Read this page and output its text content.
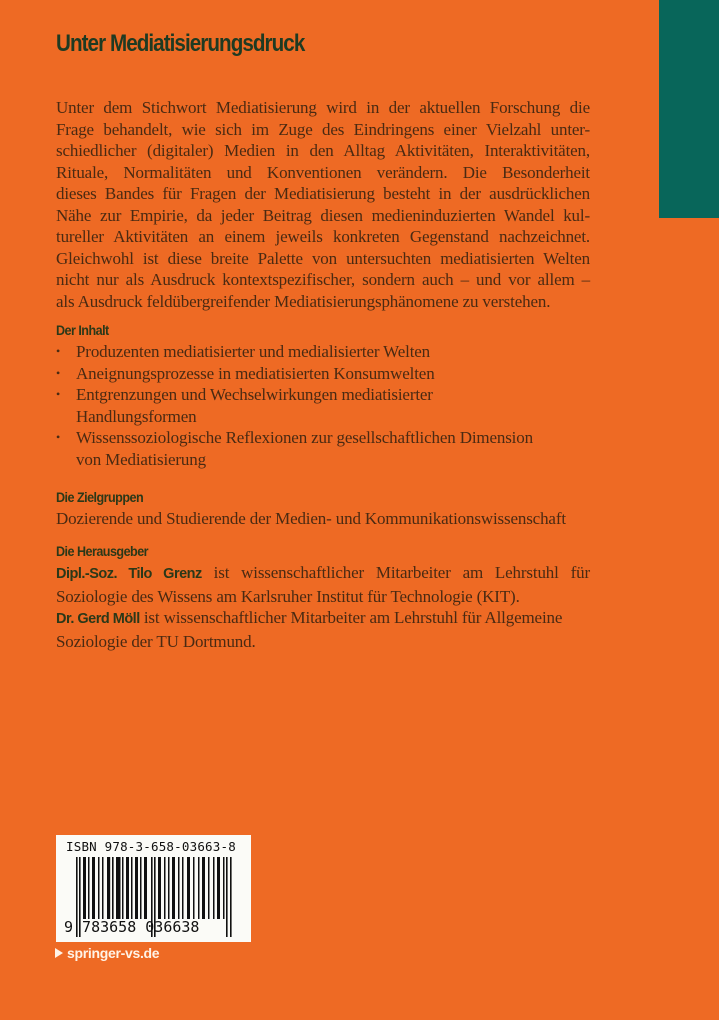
Unter Mediatisierungsdruck
Unter dem Stichwort Mediatisierung wird in der aktuellen Forschung die
Frage behandelt, wie sich im Zuge des Eindringens einer Vielzahl unter-
schiedlicher (digitaler) Medien in den Alltag Aktivitäten, Interaktivitäten,
Rituale, Normalitäten und Konventionen verändern. Die Besonderheit
dieses Bandes für Fragen der Mediatisierung besteht in der ausdrücklichen
Nähe zur Empirie, da jeder Beitrag diesen medieninduzierten Wandel kul-
tureller Aktivitäten an einem jeweils konkreten Gegenstand nachzeichnet.
Gleichwohl ist diese breite Palette von untersuchten mediatisierten Welten
nicht nur als Ausdruck kontextspezifischer, sondern auch – und vor allem –
als Ausdruck feldübergreifender Mediatisierungsphänomene zu verstehen.
Der Inhalt
• Produzenten mediatisierter und medialisierter Welten
• Aneignungsprozesse in mediatisierten Konsumwelten
• Entgrenzungen und Wechselwirkungen mediatisierter
Handlungsformen
• Wissenssoziologische Reflexionen zur gesellschaftlichen Dimension
von Mediatisierung
Die Zielgruppen
Dozierende und Studierende der Medien- und Kommunikationswissenschaft
Die Herausgeber
Dipl.-Soz. Tilo Grenz ist wissenschaftlicher Mitarbeiter am Lehrstuhl für
Soziologie des Wissens am Karlsruher Institut für Technologie (KIT).
Dr. Gerd Möll ist wissenschaftlicher Mitarbeiter am Lehrstuhl für Allgemeine
Soziologie der TU Dortmund.
ISBN 978-3-658-03663-8
9 783658 036638
springer-vs.de
